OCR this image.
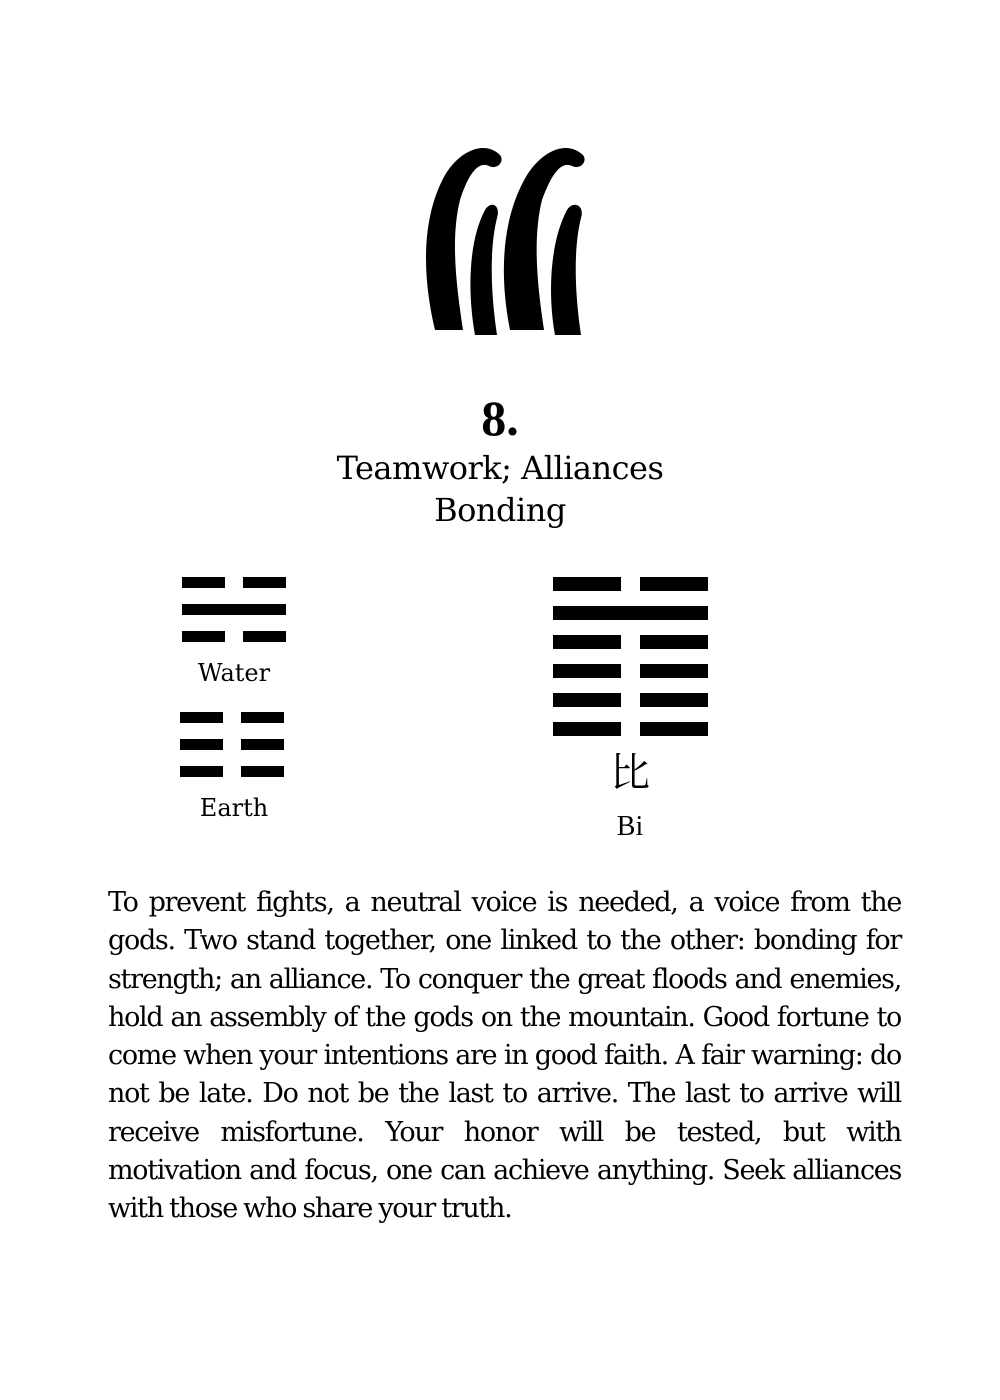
8.
Teamwork; Alliances
Bonding
Water
Earth
比
Bi

To prevent fights, a neutral voice is needed, a voice from the gods. Two stand together, one linked to the other: bonding for strength; an alliance. To conquer the great floods and enemies, hold an assembly of the gods on the mountain. Good fortune to come when your intentions are in good faith. A fair warning: do not be late. Do not be the last to arrive. The last to arrive will receive misfortune. Your honor will be tested, but with motivation and focus, one can achieve anything. Seek alliances with those who share your truth.
